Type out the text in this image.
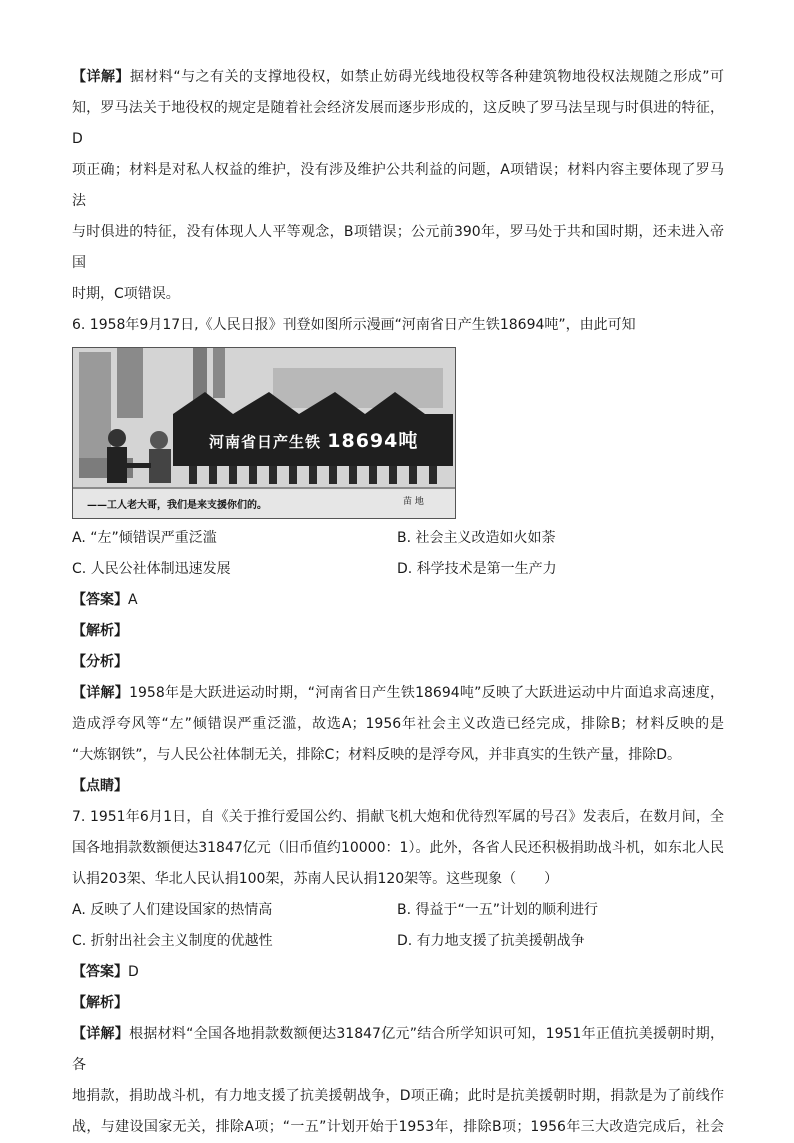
【详解】据材料“与之有关的支撑地役权，如禁止妨碍光线地役权等各种建筑物地役权法规随之形成”可
知，罗马法关于地役权的规定是随着社会经济发展而逐步形成的，这反映了罗马法呈现与时俱进的特征，D
项正确；材料是对私人权益的维护，没有涉及维护公共利益的问题，A项错误；材料内容主要体现了罗马法
与时俱进的特征，没有体现人人平等观念，B项错误；公元前390年，罗马处于共和国时期，还未进入帝国
时期，C项错误。
6. 1958年9月17日,《人民日报》刊登如图所示漫画“河南省日产生铁18694吨”，由此可知
河南省日产生铁 18694吨
——工人老大哥，我们是来支援你们的。	苗 地
A. “左”倾错误严重泛滥	B. 社会主义改造如火如荼
C. 人民公社体制迅速发展	D. 科学技术是第一生产力
【答案】A
【解析】
【分析】
【详解】1958年是大跃进运动时期，“河南省日产生铁18694吨”反映了大跃进运动中片面追求高速度，
造成浮夸风等“左”倾错误严重泛滥，故选A；1956年社会主义改造已经完成，排除B；材料反映的是
“大炼钢铁”，与人民公社体制无关，排除C；材料反映的是浮夸风，并非真实的生铁产量，排除D。
【点睛】
7. 1951年6月1日，自《关于推行爱国公约、捐献飞机大炮和优待烈军属的号召》发表后，在数月间，全
国各地捐款数额便达31847亿元（旧币值约10000：1）。此外，各省人民还积极捐助战斗机，如东北人民
认捐203架、华北人民认捐100架，苏南人民认捐120架等。这些现象（　　）
A. 反映了人们建设国家的热情高	B. 得益于“一五”计划的顺利进行
C. 折射出社会主义制度的优越性	D. 有力地支援了抗美援朝战争
【答案】D
【解析】
【详解】根据材料“全国各地捐款数额便达31847亿元”结合所学知识可知，1951年正值抗美援朝时期，各
地捐款，捐助战斗机，有力地支援了抗美援朝战争，D项正确；此时是抗美援朝时期，捐款是为了前线作
战，与建设国家无关，排除A项；“一五”计划开始于1953年，排除B项；1956年三大改造完成后，社会
